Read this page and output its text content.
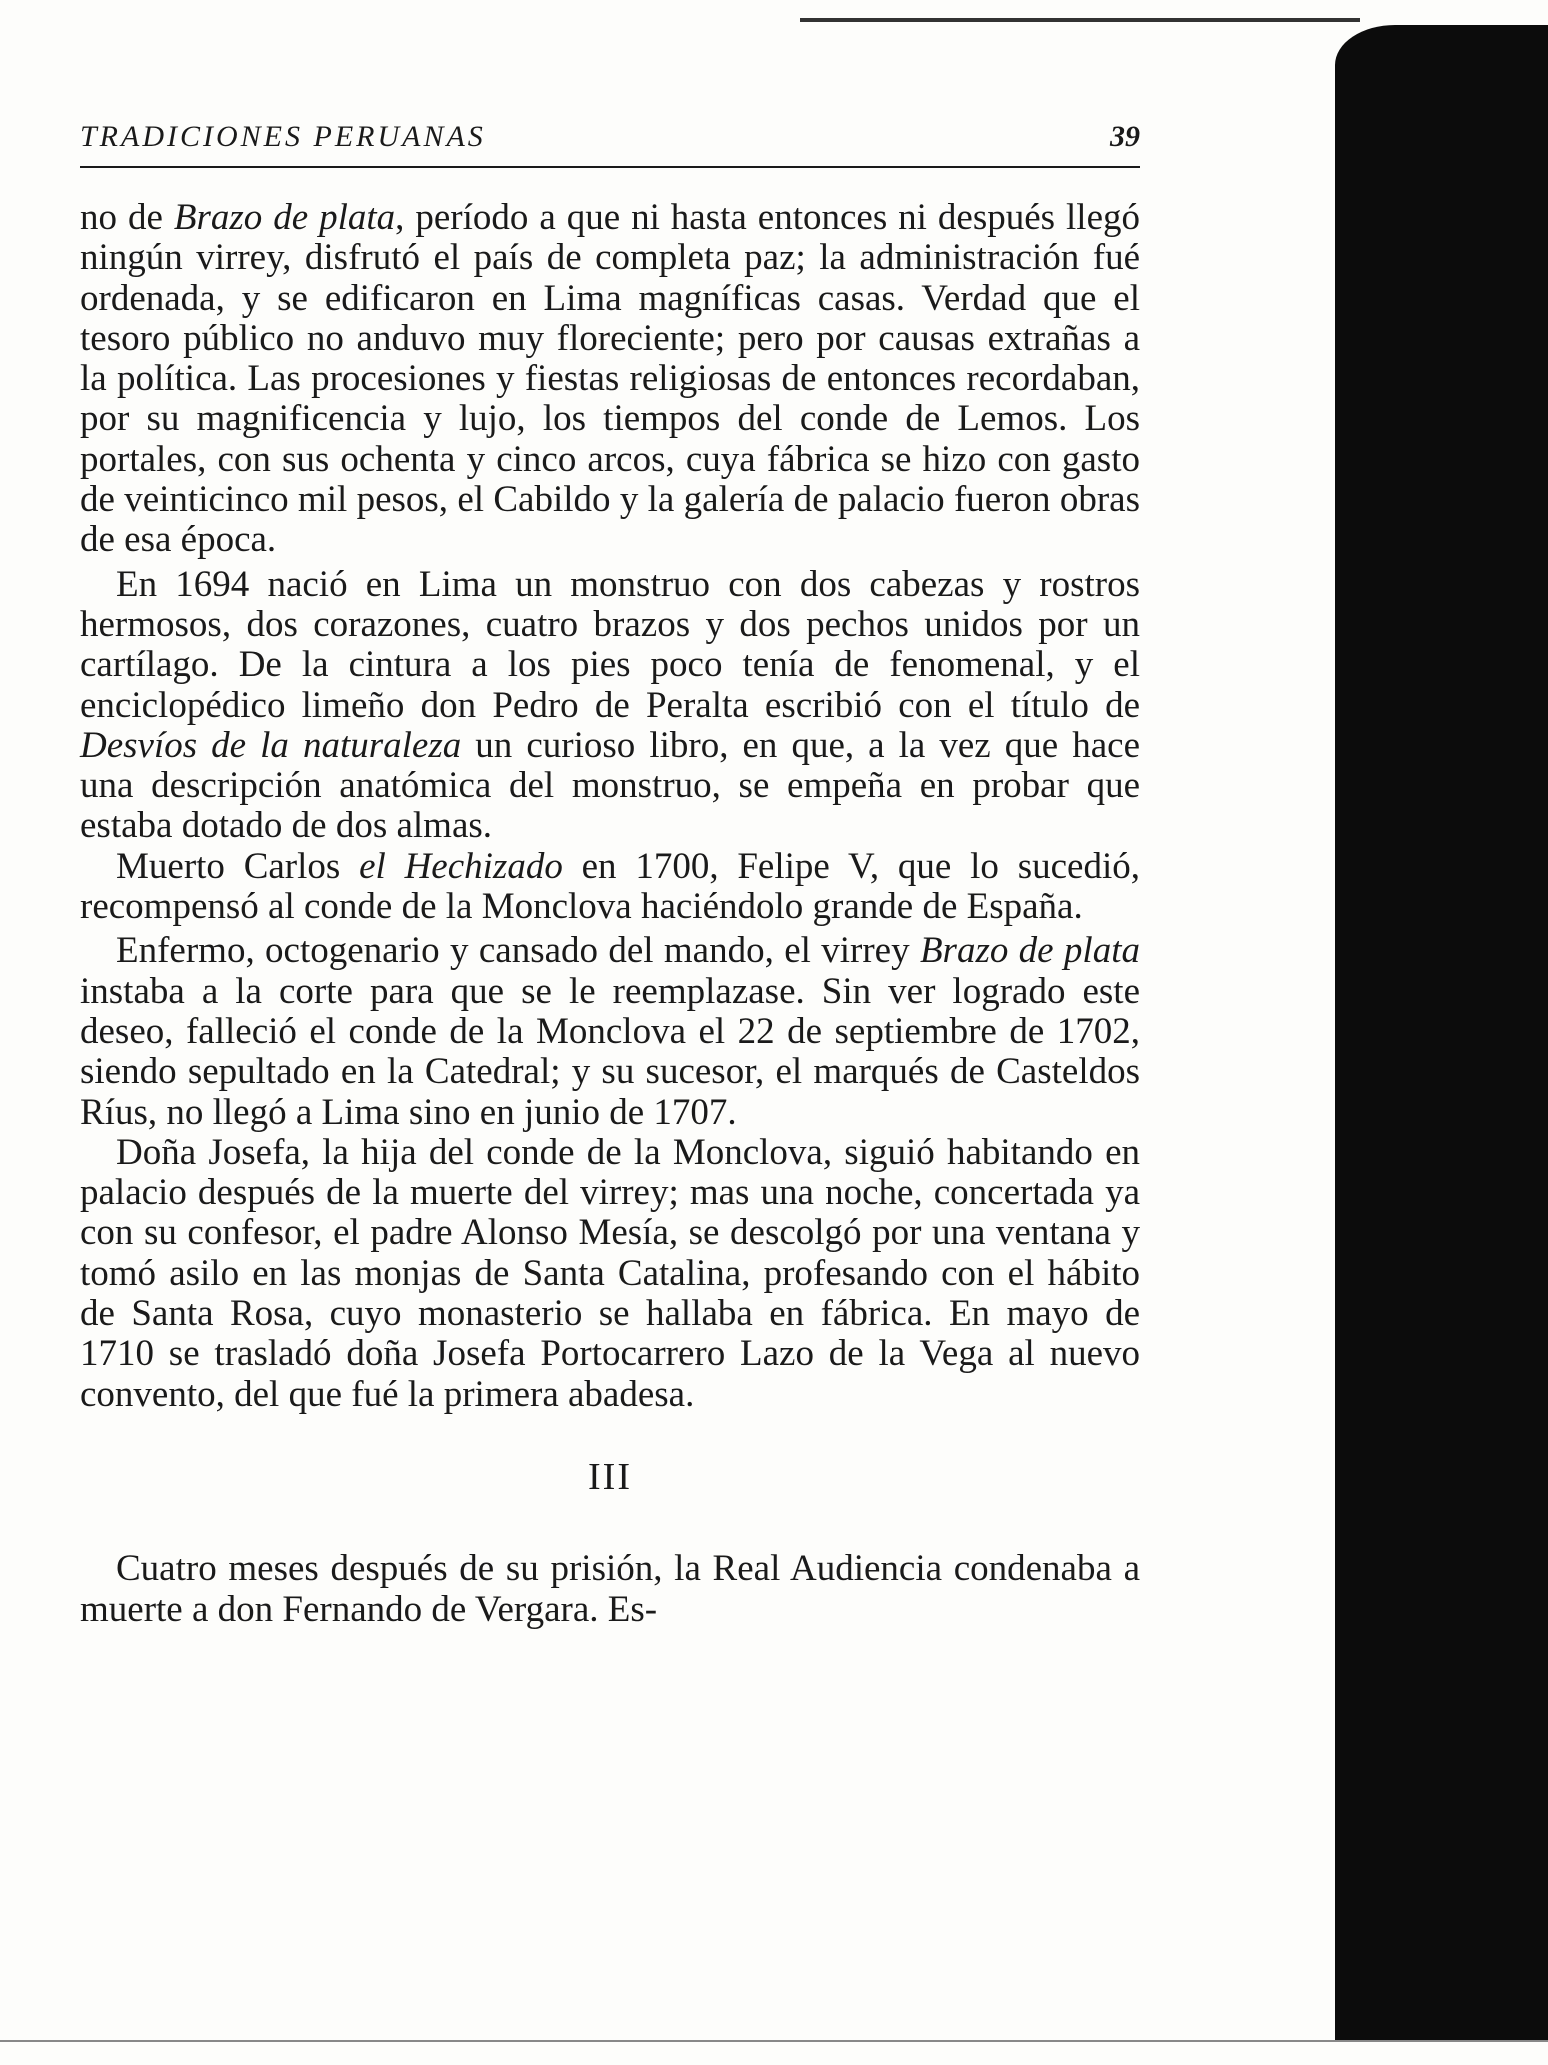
TRADICIONES PERUANAS	39

no de Brazo de plata, período a que ni hasta entonces ni después llegó ningún virrey, disfrutó el país de completa paz; la administración fué ordenada, y se edificaron en Lima magníficas casas. Verdad que el tesoro público no anduvo muy floreciente; pero por causas extrañas a la política. Las procesiones y fiestas religiosas de entonces recordaban, por su magnificencia y lujo, los tiempos del conde de Lemos. Los portales, con sus ochenta y cinco arcos, cuya fábrica se hizo con gasto de veinticinco mil pesos, el Cabildo y la galería de palacio fueron obras de esa época.

En 1694 nació en Lima un monstruo con dos cabezas y rostros hermosos, dos corazones, cuatro brazos y dos pechos unidos por un cartílago. De la cintura a los pies poco tenía de fenomenal, y el enciclopédico limeño don Pedro de Peralta escribió con el título de Desvíos de la naturaleza un curioso libro, en que, a la vez que hace una descripción anatómica del monstruo, se empeña en probar que estaba dotado de dos almas.

Muerto Carlos el Hechizado en 1700, Felipe V, que lo sucedió, recompensó al conde de la Monclova haciéndolo grande de España.

Enfermo, octogenario y cansado del mando, el virrey Brazo de plata instaba a la corte para que se le reemplazase. Sin ver logrado este deseo, falleció el conde de la Monclova el 22 de septiembre de 1702, siendo sepultado en la Catedral; y su sucesor, el marqués de Casteldos Ríus, no llegó a Lima sino en junio de 1707.

Doña Josefa, la hija del conde de la Monclova, siguió habitando en palacio después de la muerte del virrey; mas una noche, concertada ya con su confesor, el padre Alonso Mesía, se descolgó por una ventana y tomó asilo en las monjas de Santa Catalina, profesando con el hábito de Santa Rosa, cuyo monasterio se hallaba en fábrica. En mayo de 1710 se trasladó doña Josefa Portocarrero Lazo de la Vega al nuevo convento, del que fué la primera abadesa.

III

Cuatro meses después de su prisión, la Real Audiencia condenaba a muerte a don Fernando de Vergara. Es-
